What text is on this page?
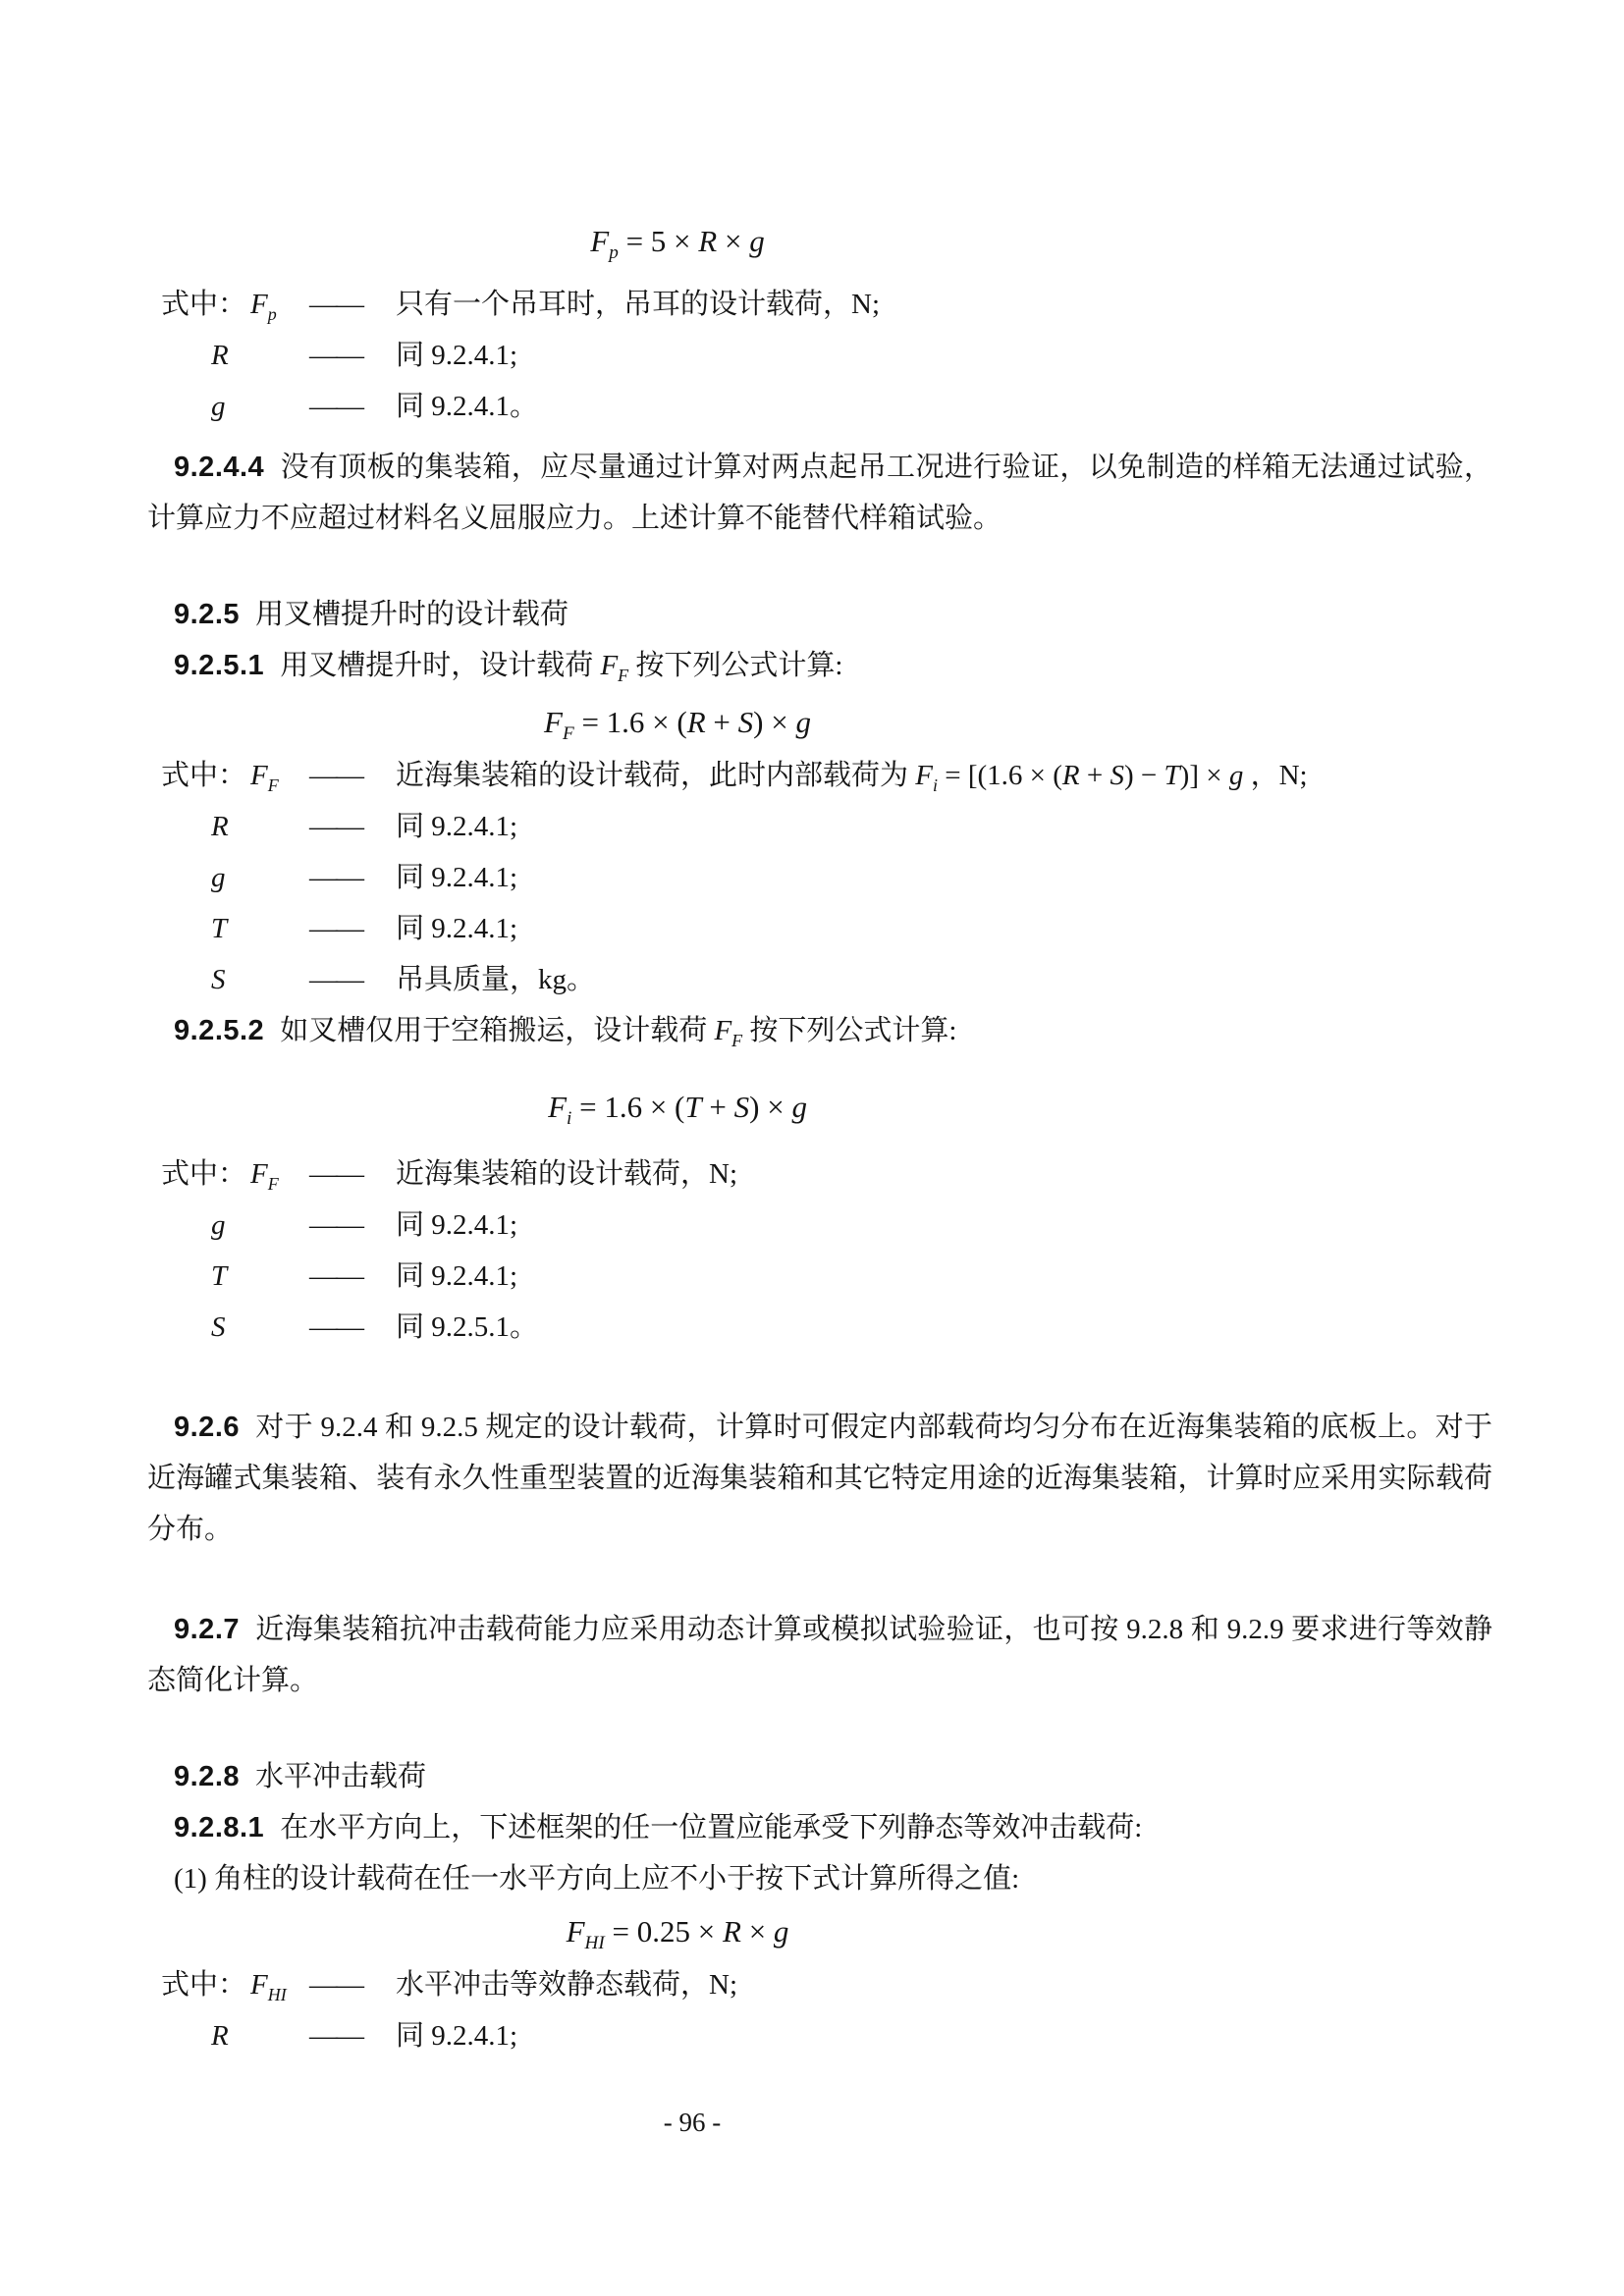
$F_p = 5 \times R \times g$
式中： $F_p$	——	只有一个吊耳时，吊耳的设计载荷，N;
R	——	同 9.2.4.1;
g	——	同 9.2.4.1。

9.2.4.4 没有顶板的集装箱，应尽量通过计算对两点起吊工况进行验证，以免制造的样箱无法通过试验，计算应力不应超过材料名义屈服应力。上述计算不能替代样箱试验。

9.2.5 用叉槽提升时的设计载荷

9.2.5.1 用叉槽提升时，设计载荷 $F_F$ 按下列公式计算:

$F_F = 1.6 \times (R + S) \times g$
式中： $F_F$	——	近海集装箱的设计载荷，此时内部载荷为 $F_i = [(1.6 \times (R + S) - T)] \times g$ ，N;
R	——	同 9.2.4.1;
g	——	同 9.2.4.1;
T	——	同 9.2.4.1;
S	——	吊具质量，kg。

9.2.5.2 如叉槽仅用于空箱搬运，设计载荷 $F_F$ 按下列公式计算:

$F_i = 1.6 \times (T + S) \times g$
式中： $F_F$	——	近海集装箱的设计载荷，N;
g	——	同 9.2.4.1;
T	——	同 9.2.4.1;
S	——	同 9.2.5.1。

9.2.6 对于 9.2.4 和 9.2.5 规定的设计载荷，计算时可假定内部载荷均匀分布在近海集装箱的底板上。对于近海罐式集装箱、装有永久性重型装置的近海集装箱和其它特定用途的近海集装箱，计算时应采用实际载荷分布。

9.2.7 近海集装箱抗冲击载荷能力应采用动态计算或模拟试验验证，也可按 9.2.8 和 9.2.9 要求进行等效静态简化计算。

9.2.8 水平冲击载荷

9.2.8.1 在水平方向上，下述框架的任一位置应能承受下列静态等效冲击载荷:

(1) 角柱的设计载荷在任一水平方向上应不小于按下式计算所得之值:

$F_{HI} = 0.25 \times R \times g$
式中： $F_{HI}$ ——	水平冲击等效静态载荷，N;
R	——	同 9.2.4.1;
- 96 -
